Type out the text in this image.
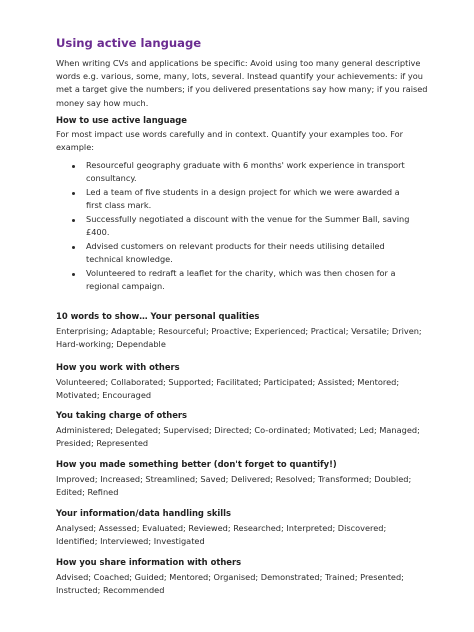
Using active language

When writing CVs and applications be specific: Avoid using too many general descriptive words e.g. various, some, many, lots, several. Instead quantify your achievements: if you met a target give the numbers; if you delivered presentations say how many; if you raised money say how much.

How to use active language

For most impact use words carefully and in context. Quantify your examples too. For example:

Resourceful geography graduate with 6 months' work experience in transport consultancy.
Led a team of five students in a design project for which we were awarded a first class mark.
Successfully negotiated a discount with the venue for the Summer Ball, saving £400.
Advised customers on relevant products for their needs utilising detailed technical knowledge.
Volunteered to redraft a leaflet for the charity, which was then chosen for a regional campaign.
10 words to show… Your personal qualities

Enterprising; Adaptable; Resourceful; Proactive; Experienced; Practical; Versatile; Driven; Hard-working; Dependable

How you work with others

Volunteered; Collaborated; Supported; Facilitated; Participated; Assisted; Mentored; Motivated; Encouraged

You taking charge of others

Administered; Delegated; Supervised; Directed; Co-ordinated; Motivated; Led; Managed; Presided; Represented

How you made something better (don't forget to quantify!)

Improved; Increased; Streamlined; Saved; Delivered; Resolved; Transformed; Doubled; Edited; Refined

Your information/data handling skills

Analysed; Assessed; Evaluated; Reviewed; Researched; Interpreted; Discovered; Identified; Interviewed; Investigated

How you share information with others

Advised; Coached; Guided; Mentored; Organised; Demonstrated; Trained; Presented; Instructed; Recommended
